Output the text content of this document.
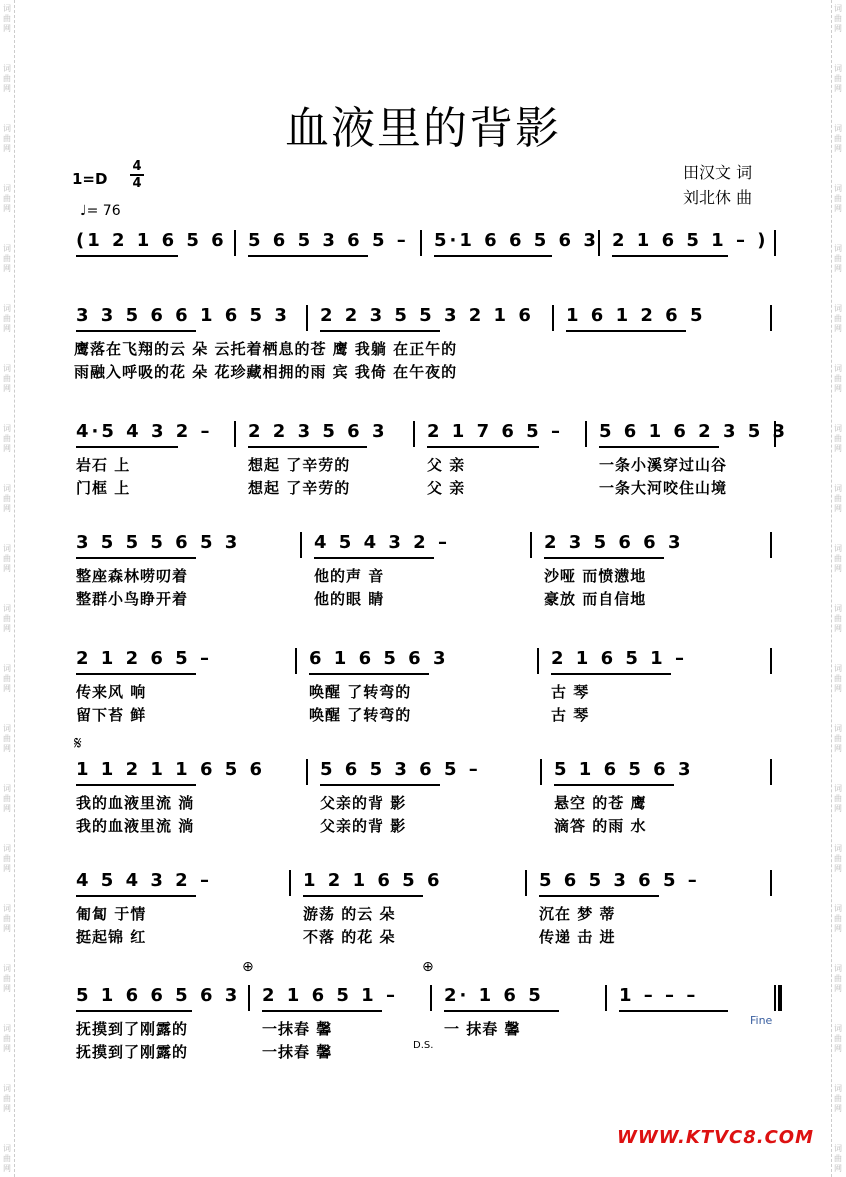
词
曲
网
词
曲
网
词
曲
网
词
曲
网
词
曲
网
词
曲
网
词
曲
网
词
曲
网
词
曲
网
词
曲
网
词
曲
网
词
曲
网
词
曲
网
词
曲
网
词
曲
网
词
曲
网
词
曲
网
词
曲
网
词
曲
网
词
曲
网
词
曲
网
词
曲
网
词
曲
网
词
曲
网
词
曲
网
词
曲
网
词
曲
网
词
曲
网
词
曲
网
词
曲
网
词
曲
网
词
曲
网
词
曲
网
词
曲
网
词
曲
网
词
曲
网
词
曲
网
词
曲
网
词
曲
网
词
曲
网
血液里的背影
田汉文 词
刘北休 曲
1=D
4
4
♩= 76
(1 2 1 6 5 6 5 6 5 3 6 5 – 5·1 6 6 5 6 3 2 1 6 5 1 – )
3 3 5 6 6 1 6 5 3 2 2 3 5 5 3 2 1 6 1 6 1 2 6 5
鹰落在飞翔的云 朵 云托着栖息的苍 鹰 我躺 在正午的
雨融入呼吸的花 朵 花珍藏相拥的雨 宾 我倚 在午夜的
4·5 4 3 2 – 2 2 3 5 6 3 2 1 7 6 5 – 5 6 1 6 2 3 5 3
岩石 上
门框 上
想起 了辛劳的
想起 了辛劳的
父 亲
父 亲
一条小溪穿过山谷
一条大河咬住山境
3 5 5 5 6 5 3	4 5 4 3 2 –	2 3 5 6 6 3
整座森林唠叨着
整群小鸟睁开着
他的声 音
他的眼 睛
沙哑 而愤懑地
豪放 而自信地
2 1 2 6 5 –	6 1 6 5 6 3	2 1 6 5 1 –
传来风 响
留下苔 鲜
唤醒 了转弯的
唤醒 了转弯的
古 琴
古 琴
1 1 2 1 1 6 5 6	5 6 5 3 6 5 –	5 1 6 5 6 3
我的血液里流 淌
我的血液里流 淌
父亲的背 影
父亲的背 影
悬空 的苍 鹰
滴答 的雨 水
4 5 4 3 2 –	1 2 1 6 5 6	5 6 5 3 6 5 –
匍匐 于情
挺起锦 红
游荡 的云 朵
不落 的花 朵
沉在 梦 蒂
传递 击 进
5 1 6 6 5 6 3 2 1 6 5 1 –	2· 1 6 5	1 – – –
抚摸到了刚露的
抚摸到了刚露的
一抹春 馨
一抹春 馨
一 抹春 馨
𝄋
⊕	⊕
Fine
D.S.
WWW.KTVC8.COM
